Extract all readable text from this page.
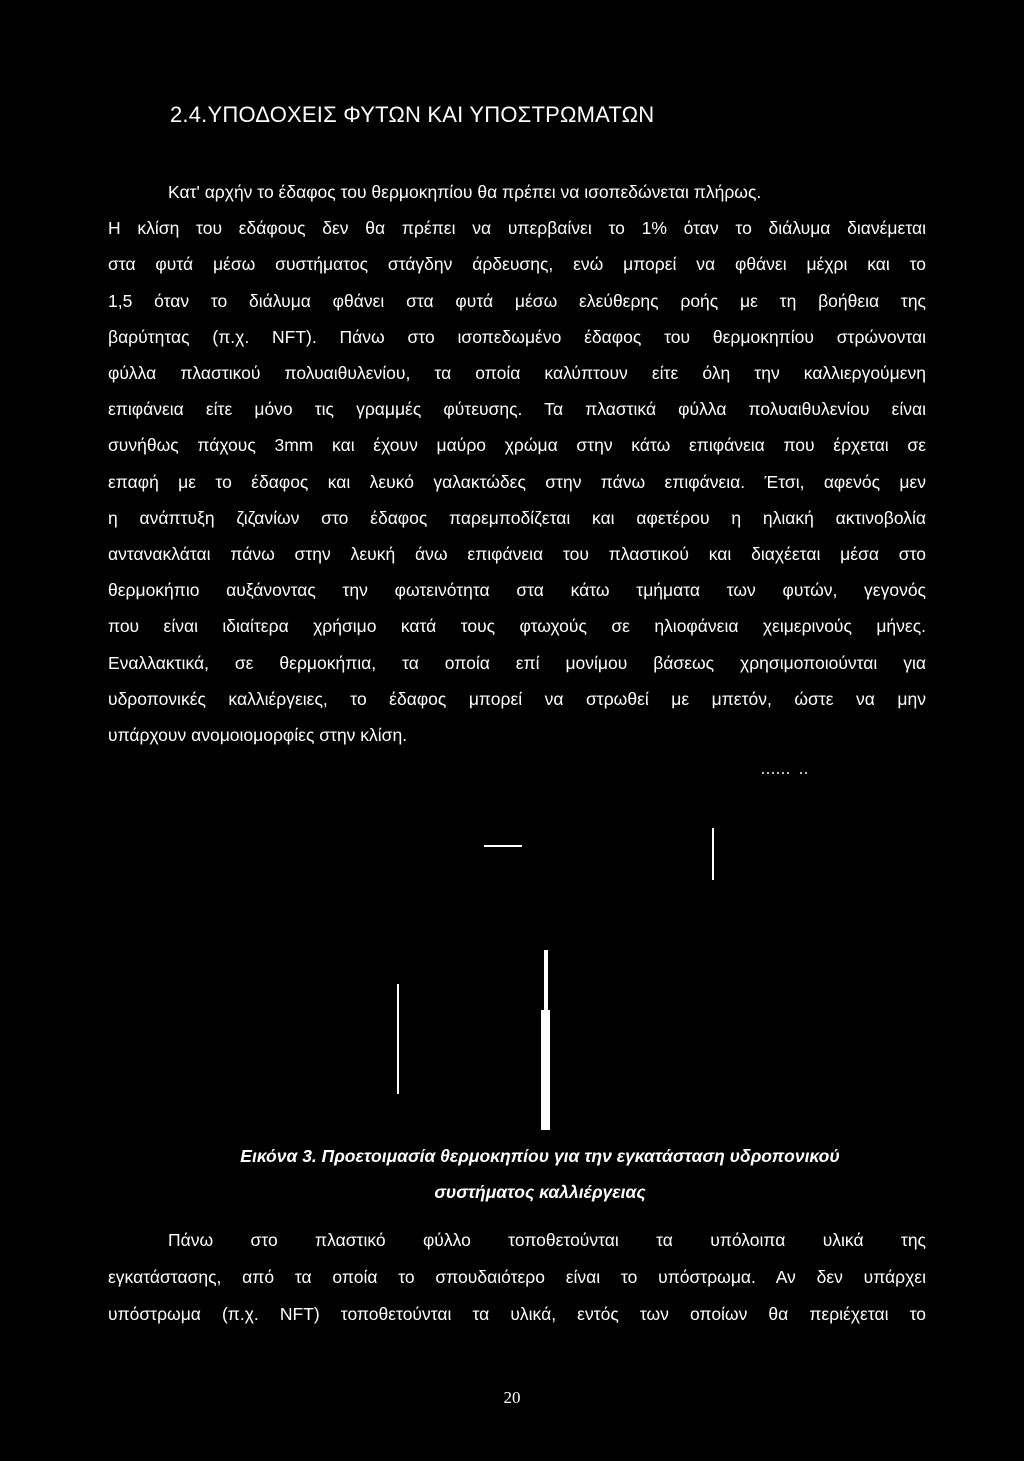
2.4.ΥΠΟΔΟΧΕΙΣ ΦΥΤΩΝ ΚΑΙ ΥΠΟΣΤΡΩΜΑΤΩΝ
Κατ' αρχήν το έδαφος του θερμοκηπίου θα πρέπει να ισοπεδώνεται πλήρως.
Η κλίση του εδάφους δεν θα πρέπει να υπερβαίνει το 1% όταν το διάλυμα διανέμεται
στα φυτά μέσω συστήματος στάγδην άρδευσης, ενώ μπορεί να φθάνει μέχρι και το
1,5 όταν το διάλυμα φθάνει στα φυτά μέσω ελεύθερης ροής με τη βοήθεια της
βαρύτητας (π.χ. NFT). Πάνω στο ισοπεδωμένο έδαφος του θερμοκηπίου στρώνονται
φύλλα πλαστικού πολυαιθυλενίου, τα οποία καλύπτουν είτε όλη την καλλιεργούμενη
επιφάνεια είτε μόνο τις γραμμές φύτευσης. Τα πλαστικά φύλλα πολυαιθυλενίου είναι
συνήθως πάχους 3mm και έχουν μαύρο χρώμα στην κάτω επιφάνεια που έρχεται σε
επαφή με το έδαφος και λευκό γαλακτώδες στην πάνω επιφάνεια. Έτσι, αφενός μεν
η ανάπτυξη ζιζανίων στο έδαφος παρεμποδίζεται και αφετέρου η ηλιακή ακτινοβολία
αντανακλάται πάνω στην λευκή άνω επιφάνεια του πλαστικού και διαχέεται μέσα στο
θερμοκήπιο αυξάνοντας την φωτεινότητα στα κάτω τμήματα των φυτών, γεγονός
που είναι ιδιαίτερα χρήσιμο κατά τους φτωχούς σε ηλιοφάνεια χειμερινούς μήνες.
Εναλλακτικά, σε θερμοκήπια, τα οποία επί μονίμου βάσεως χρησιμοποιούνται για
υδροπονικές καλλιέργειες, το έδαφος μπορεί να στρωθεί με μπετόν, ώστε να μην
υπάρχουν ανομοιομορφίες στην κλίση.
Εικόνα 3. Προετοιμασία θερμοκηπίου για την εγκατάσταση υδροπονικού
συστήματος καλλιέργειας
Πάνω στο πλαστικό φύλλο τοποθετούνται τα υπόλοιπα υλικά της
εγκατάστασης, από τα οποία το σπουδαιότερο είναι το υπόστρωμα. Αν δεν υπάρχει
υπόστρωμα (π.χ. NFT) τοποθετούνται τα υλικά, εντός των οποίων θα περιέχεται το
20
